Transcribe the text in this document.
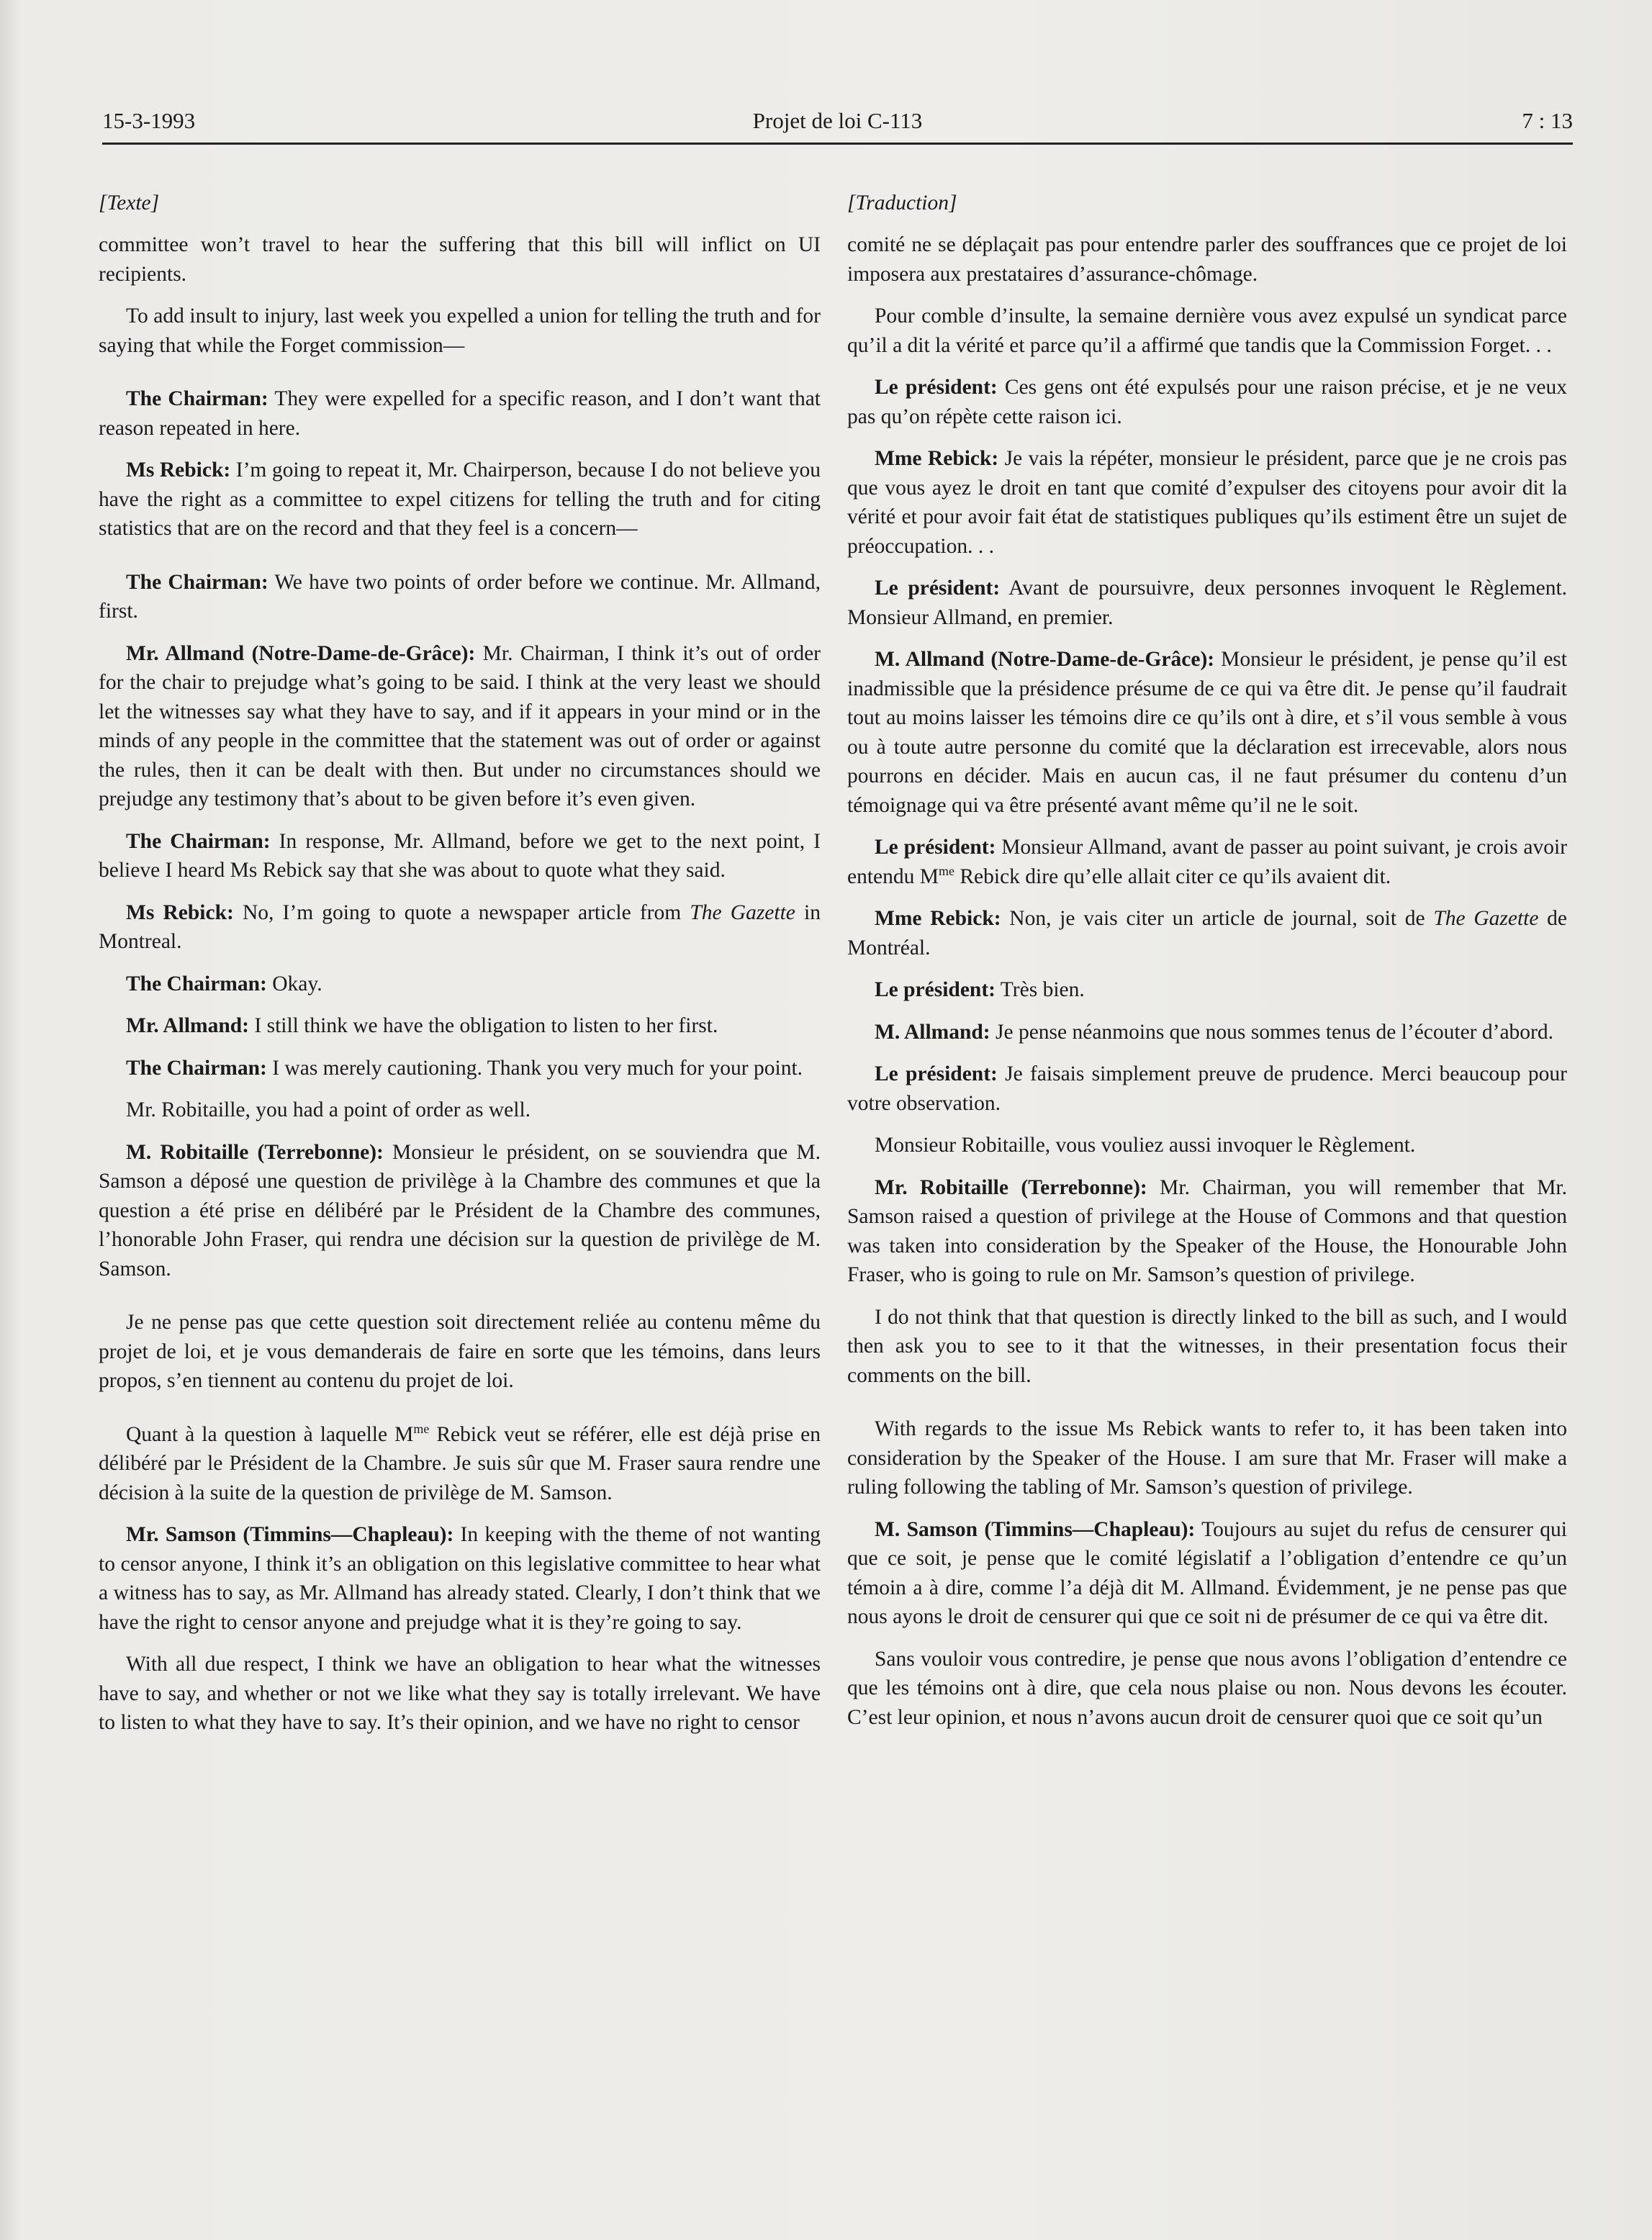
15-3-1993	Projet de loi C-113	7 : 13
[Texte]

committee won’t travel to hear the suffering that this bill will inflict on UI recipients.

To add insult to injury, last week you expelled a union for telling the truth and for saying that while the Forget commission—

The Chairman: They were expelled for a specific reason, and I don’t want that reason repeated in here.

Ms Rebick: I’m going to repeat it, Mr. Chairperson, because I do not believe you have the right as a committee to expel citizens for telling the truth and for citing statistics that are on the record and that they feel is a concern—

The Chairman: We have two points of order before we continue. Mr. Allmand, first.

Mr. Allmand (Notre-Dame-de-Grâce): Mr. Chairman, I think it’s out of order for the chair to prejudge what’s going to be said. I think at the very least we should let the witnesses say what they have to say, and if it appears in your mind or in the minds of any people in the committee that the statement was out of order or against the rules, then it can be dealt with then. But under no circumstances should we prejudge any testimony that’s about to be given before it’s even given.

The Chairman: In response, Mr. Allmand, before we get to the next point, I believe I heard Ms Rebick say that she was about to quote what they said.

Ms Rebick: No, I’m going to quote a newspaper article from The Gazette in Montreal.

The Chairman: Okay.

Mr. Allmand: I still think we have the obligation to listen to her first.

The Chairman: I was merely cautioning. Thank you very much for your point.

Mr. Robitaille, you had a point of order as well.

M. Robitaille (Terrebonne): Monsieur le président, on se souviendra que M. Samson a déposé une question de privilège à la Chambre des communes et que la question a été prise en délibéré par le Président de la Chambre des communes, l’honorable John Fraser, qui rendra une décision sur la question de privilège de M. Samson.

Je ne pense pas que cette question soit directement reliée au contenu même du projet de loi, et je vous demanderais de faire en sorte que les témoins, dans leurs propos, s’en tiennent au contenu du projet de loi.

Quant à la question à laquelle $M^{me}$ Rebick veut se référer, elle est déjà prise en délibéré par le Président de la Chambre. Je suis sûr que M. Fraser saura rendre une décision à la suite de la question de privilège de M. Samson.

Mr. Samson (Timmins—Chapleau): In keeping with the theme of not wanting to censor anyone, I think it’s an obligation on this legislative committee to hear what a witness has to say, as Mr. Allmand has already stated. Clearly, I don’t think that we have the right to censor anyone and prejudge what it is they’re going to say.

With all due respect, I think we have an obligation to hear what the witnesses have to say, and whether or not we like what they say is totally irrelevant. We have to listen to what they have to say. It’s their opinion, and we have no right to censor

[Traduction]

comité ne se déplaçait pas pour entendre parler des souffrances que ce projet de loi imposera aux prestataires d’assurance-chômage.

Pour comble d’insulte, la semaine dernière vous avez expulsé un syndicat parce qu’il a dit la vérité et parce qu’il a affirmé que tandis que la Commission Forget. . .

Le président: Ces gens ont été expulsés pour une raison précise, et je ne veux pas qu’on répète cette raison ici.

Mme Rebick: Je vais la répéter, monsieur le président, parce que je ne crois pas que vous ayez le droit en tant que comité d’expulser des citoyens pour avoir dit la vérité et pour avoir fait état de statistiques publiques qu’ils estiment être un sujet de préoccupation. . .

Le président: Avant de poursuivre, deux personnes invoquent le Règlement. Monsieur Allmand, en premier.

M. Allmand (Notre-Dame-de-Grâce): Monsieur le président, je pense qu’il est inadmissible que la présidence présume de ce qui va être dit. Je pense qu’il faudrait tout au moins laisser les témoins dire ce qu’ils ont à dire, et s’il vous semble à vous ou à toute autre personne du comité que la déclaration est irrecevable, alors nous pourrons en décider. Mais en aucun cas, il ne faut présumer du contenu d’un témoignage qui va être présenté avant même qu’il ne le soit.

Le président: Monsieur Allmand, avant de passer au point suivant, je crois avoir entendu $M^{me}$ Rebick dire qu’elle allait citer ce qu’ils avaient dit.

Mme Rebick: Non, je vais citer un article de journal, soit de The Gazette de Montréal.

Le président: Très bien.

M. Allmand: Je pense néanmoins que nous sommes tenus de l’écouter d’abord.

Le président: Je faisais simplement preuve de prudence. Merci beaucoup pour votre observation.

Monsieur Robitaille, vous vouliez aussi invoquer le Règlement.

Mr. Robitaille (Terrebonne): Mr. Chairman, you will remember that Mr. Samson raised a question of privilege at the House of Commons and that question was taken into consideration by the Speaker of the House, the Honourable John Fraser, who is going to rule on Mr. Samson’s question of privilege.

I do not think that that question is directly linked to the bill as such, and I would then ask you to see to it that the witnesses, in their presentation focus their comments on the bill.

With regards to the issue Ms Rebick wants to refer to, it has been taken into consideration by the Speaker of the House. I am sure that Mr. Fraser will make a ruling following the tabling of Mr. Samson’s question of privilege.

M. Samson (Timmins—Chapleau): Toujours au sujet du refus de censurer qui que ce soit, je pense que le comité législatif a l’obligation d’entendre ce qu’un témoin a à dire, comme l’a déjà dit M. Allmand. Évidemment, je ne pense pas que nous ayons le droit de censurer qui que ce soit ni de présumer de ce qui va être dit.

Sans vouloir vous contredire, je pense que nous avons l’obligation d’entendre ce que les témoins ont à dire, que cela nous plaise ou non. Nous devons les écouter. C’est leur opinion, et nous n’avons aucun droit de censurer quoi que ce soit qu’un
